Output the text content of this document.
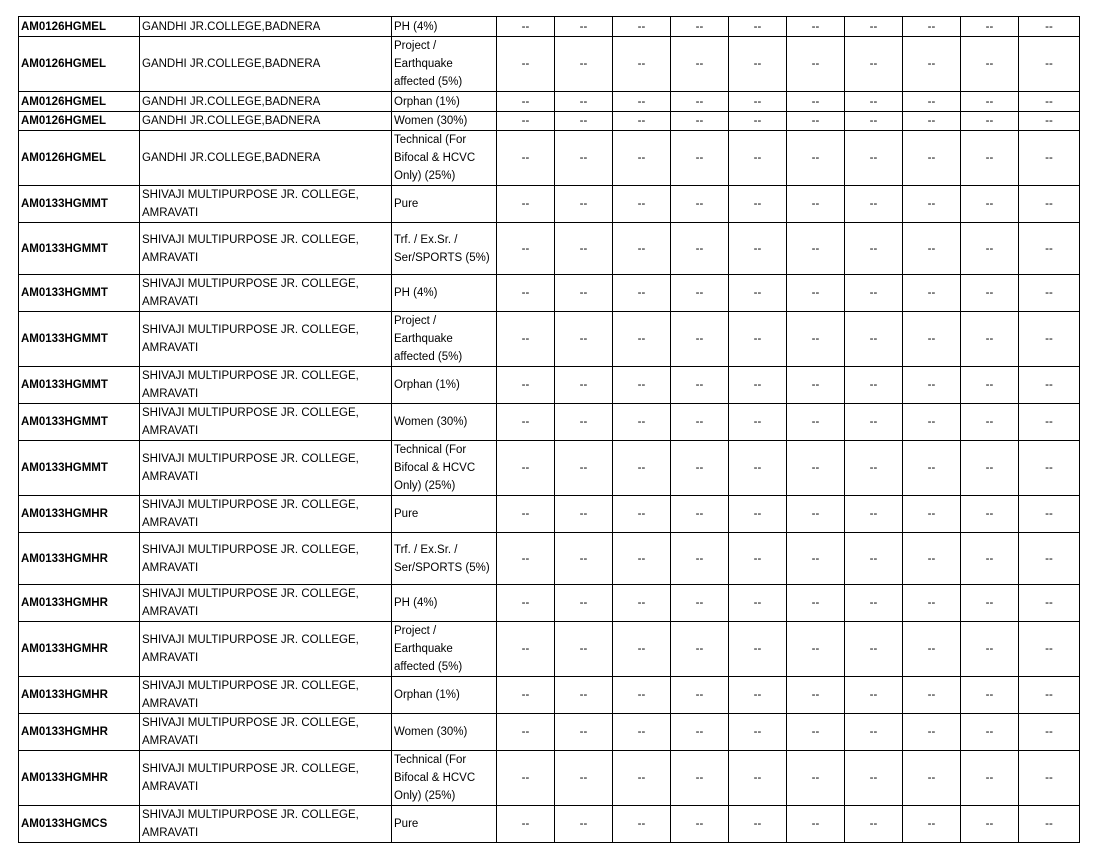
AM0126HGMEL	GANDHI JR.COLLEGE,BADNERA	PH (4%)	--	--	--	--	--	--	--	--	--	--
AM0126HGMEL	GANDHI JR.COLLEGE,BADNERA	Project /
Earthquake
affected (5%)	--	--	--	--	--	--	--	--	--	--
AM0126HGMEL	GANDHI JR.COLLEGE,BADNERA	Orphan (1%)	--	--	--	--	--	--	--	--	--	--
AM0126HGMEL	GANDHI JR.COLLEGE,BADNERA	Women (30%)	--	--	--	--	--	--	--	--	--	--
AM0126HGMEL	GANDHI JR.COLLEGE,BADNERA	Technical (For
Bifocal & HCVC
Only) (25%)	--	--	--	--	--	--	--	--	--	--
AM0133HGMMT	SHIVAJI MULTIPURPOSE JR. COLLEGE,
AMRAVATI	Pure	--	--	--	--	--	--	--	--	--	--
AM0133HGMMT	SHIVAJI MULTIPURPOSE JR. COLLEGE,
AMRAVATI	Trf. / Ex.Sr. /
Ser/SPORTS (5%)	--	--	--	--	--	--	--	--	--	--
AM0133HGMMT	SHIVAJI MULTIPURPOSE JR. COLLEGE,
AMRAVATI	PH (4%)	--	--	--	--	--	--	--	--	--	--
AM0133HGMMT	SHIVAJI MULTIPURPOSE JR. COLLEGE,
AMRAVATI	Project /
Earthquake
affected (5%)	--	--	--	--	--	--	--	--	--	--
AM0133HGMMT	SHIVAJI MULTIPURPOSE JR. COLLEGE,
AMRAVATI	Orphan (1%)	--	--	--	--	--	--	--	--	--	--
AM0133HGMMT	SHIVAJI MULTIPURPOSE JR. COLLEGE,
AMRAVATI	Women (30%)	--	--	--	--	--	--	--	--	--	--
AM0133HGMMT	SHIVAJI MULTIPURPOSE JR. COLLEGE,
AMRAVATI	Technical (For
Bifocal & HCVC
Only) (25%)	--	--	--	--	--	--	--	--	--	--
AM0133HGMHR	SHIVAJI MULTIPURPOSE JR. COLLEGE,
AMRAVATI	Pure	--	--	--	--	--	--	--	--	--	--
AM0133HGMHR	SHIVAJI MULTIPURPOSE JR. COLLEGE,
AMRAVATI	Trf. / Ex.Sr. /
Ser/SPORTS (5%)	--	--	--	--	--	--	--	--	--	--
AM0133HGMHR	SHIVAJI MULTIPURPOSE JR. COLLEGE,
AMRAVATI	PH (4%)	--	--	--	--	--	--	--	--	--	--
AM0133HGMHR	SHIVAJI MULTIPURPOSE JR. COLLEGE,
AMRAVATI	Project /
Earthquake
affected (5%)	--	--	--	--	--	--	--	--	--	--
AM0133HGMHR	SHIVAJI MULTIPURPOSE JR. COLLEGE,
AMRAVATI	Orphan (1%)	--	--	--	--	--	--	--	--	--	--
AM0133HGMHR	SHIVAJI MULTIPURPOSE JR. COLLEGE,
AMRAVATI	Women (30%)	--	--	--	--	--	--	--	--	--	--
AM0133HGMHR	SHIVAJI MULTIPURPOSE JR. COLLEGE,
AMRAVATI	Technical (For
Bifocal & HCVC
Only) (25%)	--	--	--	--	--	--	--	--	--	--
AM0133HGMCS	SHIVAJI MULTIPURPOSE JR. COLLEGE,
AMRAVATI	Pure	--	--	--	--	--	--	--	--	--	--
